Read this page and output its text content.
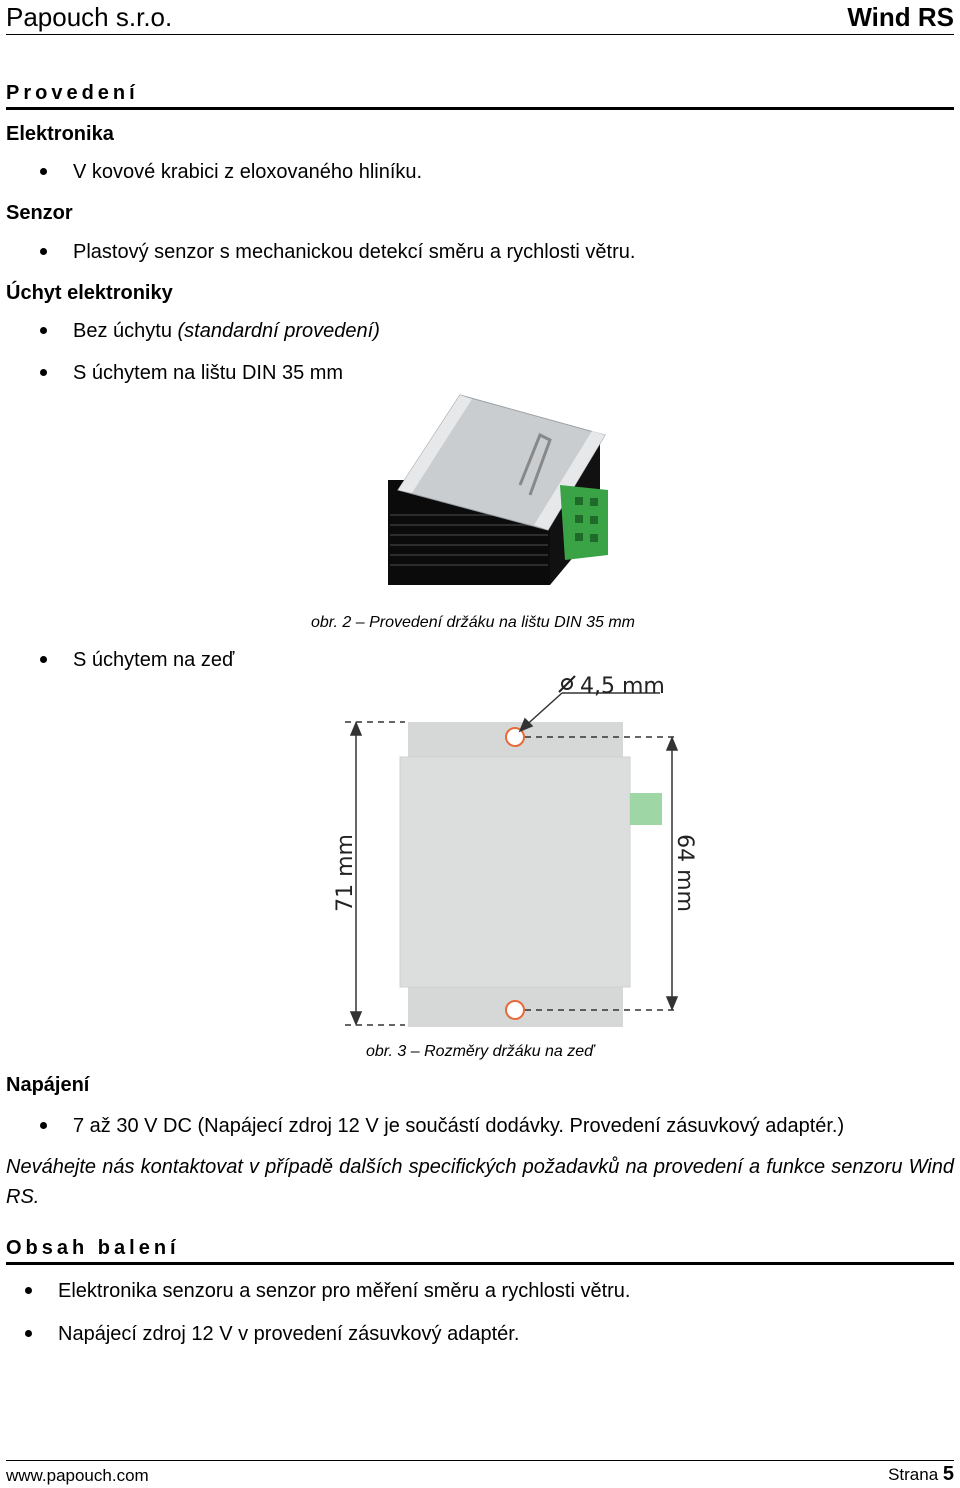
Papouch s.r.o.	Wind RS
Provedení
Elektronika
V kovové krabici z eloxovaného hliníku.
Senzor
Plastový senzor s mechanickou detekcí směru a rychlosti větru.
Úchyt elektroniky
Bez úchytu (standardní provedení)
S úchytem na lištu DIN 35 mm
obr. 2 – Provedení držáku na lištu DIN 35 mm
S úchytem na zeď
4,5 mm
71 mm	64 mm
obr. 3 – Rozměry držáku na zeď
Napájení
7 až 30 V DC (Napájecí zdroj 12 V je součástí dodávky. Provedení zásuvkový adaptér.)
Neváhejte nás kontaktovat v případě dalších specifických požadavků na provedení a funkce senzoru Wind RS.
Obsah balení
Elektronika senzoru a senzor pro měření směru a rychlosti větru.
Napájecí zdroj 12 V v provedení zásuvkový adaptér.
www.papouch.com	Strana 5
